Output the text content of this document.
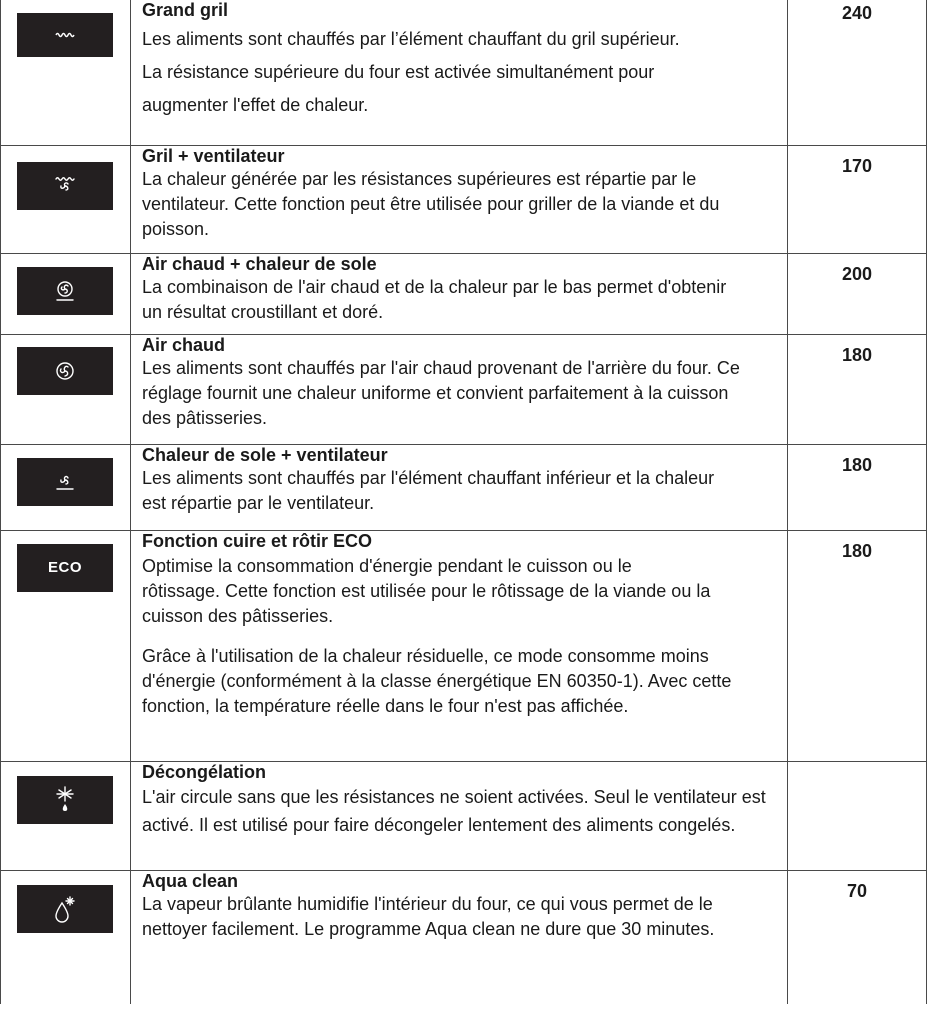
Grand gril

Les aliments sont chauffés par l’élément chauffant du gril supérieur. La résistance supérieure du four est activée simultanément pour augmenter l'effet de chaleur.	240

Gril + ventilateur

La chaleur générée par les résistances supérieures est répartie par le ventilateur. Cette fonction peut être utilisée pour griller de la viande et du poisson.	170

Air chaud + chaleur de sole

La combinaison de l'air chaud et de la chaleur par le bas permet d'obtenir un résultat croustillant et doré.	200

Air chaud

Les aliments sont chauffés par l'air chaud provenant de l'arrière du four. Ce réglage fournit une chaleur uniforme et convient parfaitement à la cuisson des pâtisseries.	180

Chaleur de sole + ventilateur

Les aliments sont chauffés par l'élément chauffant inférieur et la chaleur est répartie par le ventilateur.	180

ECO	Fonction cuire et rôtir ECO

Optimise la consommation d'énergie pendant le cuisson ou le rôtissage. Cette fonction est utilisée pour le rôtissage de la viande ou la cuisson des pâtisseries.

Grâce à l'utilisation de la chaleur résiduelle, ce mode consomme moins d'énergie (conformément à la classe énergétique EN 60350-1). Avec cette fonction, la température réelle dans le four n'est pas affichée.	180

Décongélation

L'air circule sans que les résistances ne soient activées. Seul le ventilateur est activé. Il est utilisé pour faire décongeler lentement des aliments congelés.	

Aqua clean

La vapeur brûlante humidifie l'intérieur du four, ce qui vous permet de le nettoyer facilement. Le programme Aqua clean ne dure que 30 minutes.	70
